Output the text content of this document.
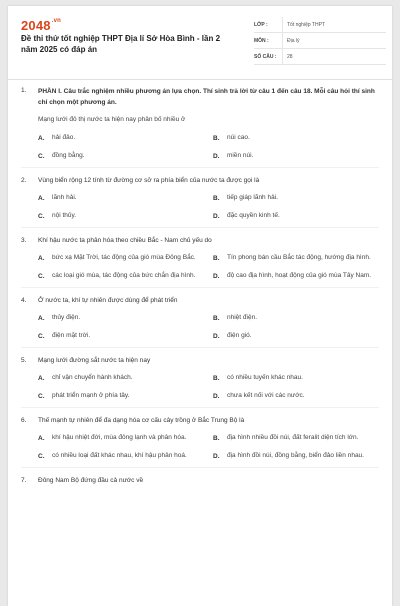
$2048^{.vn}$
Đề thi thử tốt nghiệp THPT Địa lí Sở Hòa Bình - lần 2 năm 2025 có đáp án
LỚP :	Tốt nghiệp THPT
MÔN :	Địa lý
SỐ CÂU :	28
1.	PHẦN I. Câu trắc nghiệm nhiều phương án lựa chọn. Thí sinh trả lời từ câu 1 đến câu 18. Mỗi câu hỏi thí sinh chỉ chọn một phương án.
Mạng lưới đô thị nước ta hiện nay phân bố nhiều ở
A.	hải đảo.	B.	núi cao.
C.	đồng bằng.	D.	miền núi.
2.	Vùng biển rộng 12 tính từ đường cơ sở ra phía biển của nước ta được gọi là
A.	lãnh hải.	B.	tiếp giáp lãnh hải.
C.	nội thủy.	D.	đặc quyền kinh tế.
3.	Khí hậu nước ta phân hóa theo chiều Bắc - Nam chủ yếu do
A.	bức xạ Mặt Trời, tác động của gió mùa Đông Bắc.	B.	Tín phong bán cầu Bắc tác động, hướng địa hình.
C.	các loại gió mùa, tác động của bức chắn địa hình.	D.	độ cao địa hình, hoạt động của gió mùa Tây Nam.
4.	Ở nước ta, khí tự nhiên được dùng để phát triển
A.	thủy điện.	B.	nhiệt điện.
C.	điện mặt trời.	D.	điện gió.
5.	Mạng lưới đường sắt nước ta hiện nay
A.	chỉ vận chuyển hành khách.	B.	có nhiều tuyến khác nhau.
C.	phát triển mạnh ở phía tây.	D.	chưa kết nối với các nước.
6.	Thế mạnh tự nhiên để đa dạng hóa cơ cấu cây trồng ở Bắc Trung Bộ là
A.	khí hậu nhiệt đới, mùa đông lạnh và phân hóa.	B.	địa hình nhiều đồi núi, đất feralit diện tích lớn.
C.	có nhiều loại đất khác nhau, khí hậu phân hoá.	D.	địa hình đồi núi, đồng bằng, biển đảo liền nhau.
7.	Đông Nam Bộ đứng đầu cả nước về
